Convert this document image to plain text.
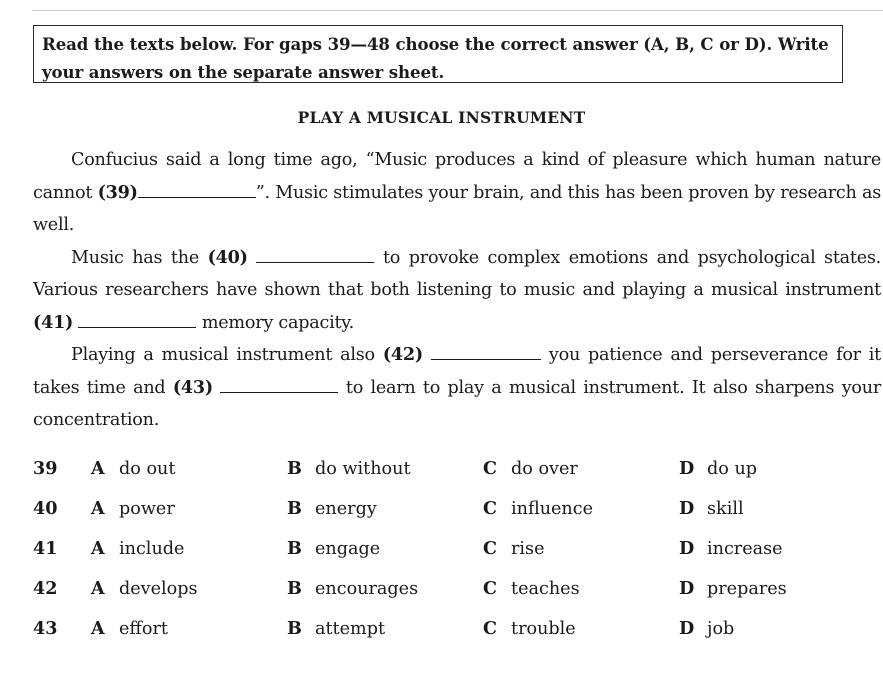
Read the texts below. For gaps 39—48 choose the correct answer (A, B, C or D). Write your answers on the separate answer sheet.
PLAY A MUSICAL INSTRUMENT

Confucius said a long time ago, “Music produces a kind of pleasure which human nature cannot (39)	”. Music stimulates your brain, and this has been proven by research as well.

Music has the (40)	to provoke complex emotions and psychological states. Various researchers have shown that both listening to music and playing a musical instrument (41)	memory capacity.

Playing a musical instrument also (42)	you patience and perseverance for it takes time and (43)	to learn to play a musical instrument. It also sharpens your concentration.

39 A do out	B do without	C do over	D do up
40 A power	B energy	C influence	D skill
41 A include	B engage	C rise	D increase
42 A develops	B encourages	C teaches	D prepares
43 A effort	B attempt	C trouble	D job
